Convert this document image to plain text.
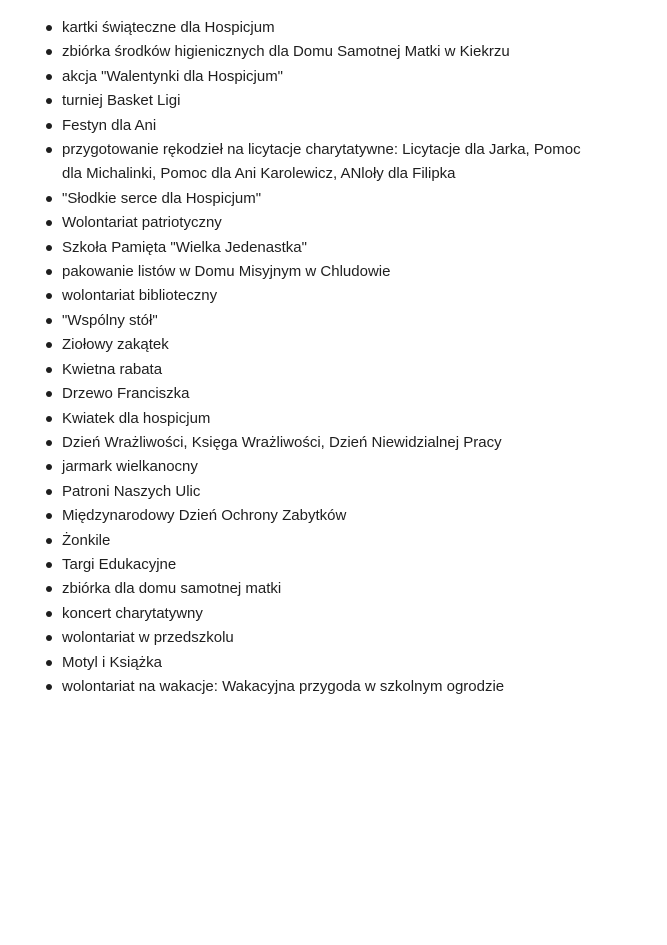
kartki świąteczne dla Hospicjum
zbiórka środków higienicznych dla Domu Samotnej Matki w Kiekrzu
akcja "Walentynki dla Hospicjum"
turniej Basket Ligi
Festyn dla Ani
przygotowanie rękodzieł na licytacje charytatywne: Licytacje dla Jarka, Pomoc dla Michalinki, Pomoc dla Ani Karolewicz, ANloły dla Filipka
"Słodkie serce dla Hospicjum"
Wolontariat patriotyczny
Szkoła Pamięta "Wielka Jedenastka"
pakowanie listów w Domu Misyjnym w Chludowie
wolontariat biblioteczny
"Wspólny stół"
Ziołowy zakątek
Kwietna rabata
Drzewo Franciszka
Kwiatek dla hospicjum
Dzień Wrażliwości, Księga Wrażliwości, Dzień Niewidzialnej Pracy
jarmark wielkanocny
Patroni Naszych Ulic
Międzynarodowy Dzień Ochrony Zabytków
Żonkile
Targi Edukacyjne
zbiórka dla domu samotnej matki
koncert charytatywny
wolontariat w przedszkolu
Motyl i Książka
wolontariat na wakacje: Wakacyjna przygoda w szkolnym ogrodzie
